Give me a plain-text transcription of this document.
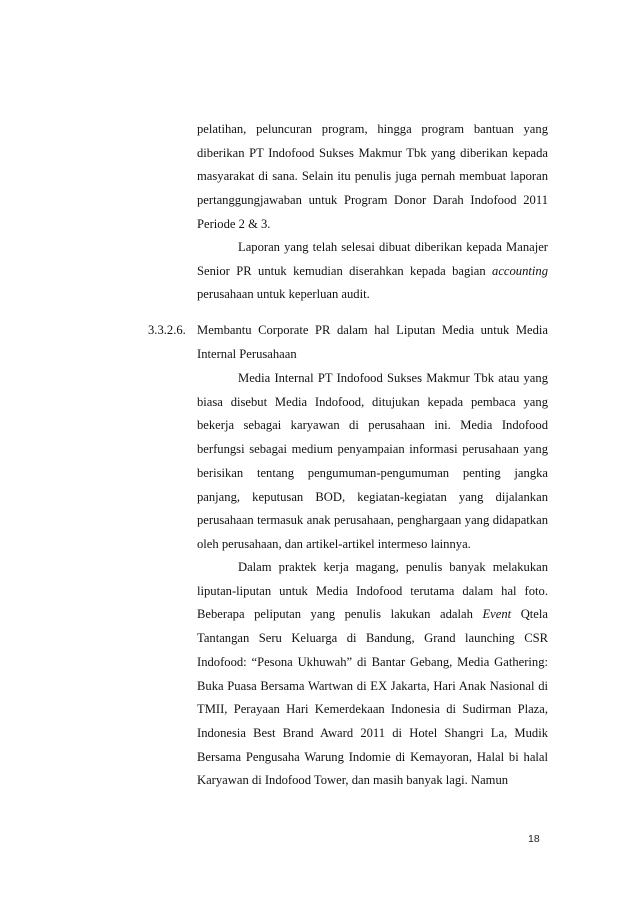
pelatihan, peluncuran program, hingga program bantuan yang diberikan PT Indofood Sukses Makmur Tbk yang diberikan kepada masyarakat di sana. Selain itu penulis juga pernah membuat laporan pertanggungjawaban untuk Program Donor Darah Indofood 2011 Periode 2 & 3.

Laporan yang telah selesai dibuat diberikan kepada Manajer Senior PR untuk kemudian diserahkan kepada bagian accounting perusahaan untuk keperluan audit.

3.3.2.6. Membantu Corporate PR dalam hal Liputan Media untuk Media Internal Perusahaan

Media Internal PT Indofood Sukses Makmur Tbk atau yang biasa disebut Media Indofood, ditujukan kepada pembaca yang bekerja sebagai karyawan di perusahaan ini. Media Indofood berfungsi sebagai medium penyampaian informasi perusahaan yang berisikan tentang pengumuman-pengumuman penting jangka panjang, keputusan BOD, kegiatan-kegiatan yang dijalankan perusahaan termasuk anak perusahaan, penghargaan yang didapatkan oleh perusahaan, dan artikel-artikel intermeso lainnya.

Dalam praktek kerja magang, penulis banyak melakukan liputan-liputan untuk Media Indofood terutama dalam hal foto. Beberapa peliputan yang penulis lakukan adalah Event Qtela Tantangan Seru Keluarga di Bandung, Grand launching CSR Indofood: “Pesona Ukhuwah” di Bantar Gebang, Media Gathering: Buka Puasa Bersama Wartwan di EX Jakarta, Hari Anak Nasional di TMII, Perayaan Hari Kemerdekaan Indonesia di Sudirman Plaza, Indonesia Best Brand Award 2011 di Hotel Shangri La, Mudik Bersama Pengusaha Warung Indomie di Kemayoran, Halal bi halal Karyawan di Indofood Tower, dan masih banyak lagi. Namun

18
